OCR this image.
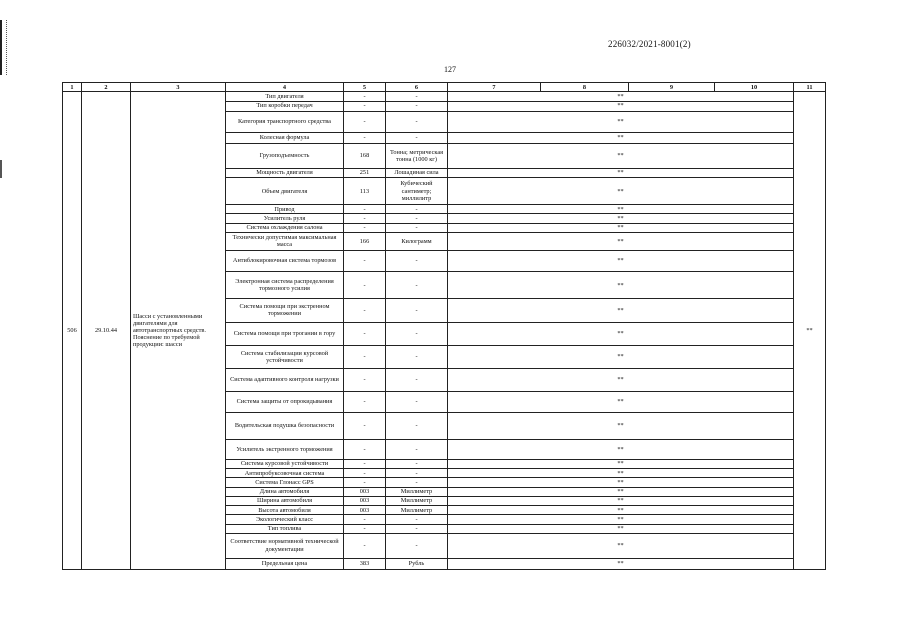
226032/2021-8001(2)
127
1	2	3	4	5	6	7	8	9	10	11
506	29.10.44	Шасси с установленными двигателями для автотранспортных средств. Пояснение по требуемой продукции: шасси	Тип двигателя	-	-	**				**
			Тип коробки передач	-	-	**				
			Категория транспортного средства	-	-	**				
			Колесная формула	-	-	**				
			Грузоподъемность	168	Тонна; метрическая тонна (1000 кг)	**				
			Мощность двигателя	251	Лошадиная сила	**				
			Объем двигателя	113	Кубический сантиметр; миллилитр	**				
			Привод	-	-	**				
			Усилитель руля	-	-	**				
			Система охлаждения салона	-	-	**				
			Технически допустимая максимальная масса	166	Килограмм	**				
			Антиблокировочная система тормозов	-	-	**				
			Электронная система распределения тормозного усилия	-	-	**				
			Система помощи при экстренном торможении	-	-	**				
			Система помощи при трогании в гору	-	-	**				
			Система стабилизации курсовой устойчивости	-	-	**				
			Система адаптивного контроля нагрузки	-	-	**				
			Система защиты от опрокидывания	-	-	**				
			Водительская подушка безопасности	-	-	**				
			Усилитель экстренного торможения	-	-	**				
			Система курсовой устойчивости	-	-	**				
			Антипробуксовочная система	-	-	**				
			Система Глонасс GPS	-	-	**				
			Длина автомобиля	003	Миллиметр	**				
			Ширина автомобиля	003	Миллиметр	**				
			Высота автомобиля	003	Миллиметр	**				
			Экологический класс	-	-	**				
			Тип топлива	-	-	**				
			Соответствие нормативной технической документации	-	-	**				
			Предельная цена	383	Рубль	**				
